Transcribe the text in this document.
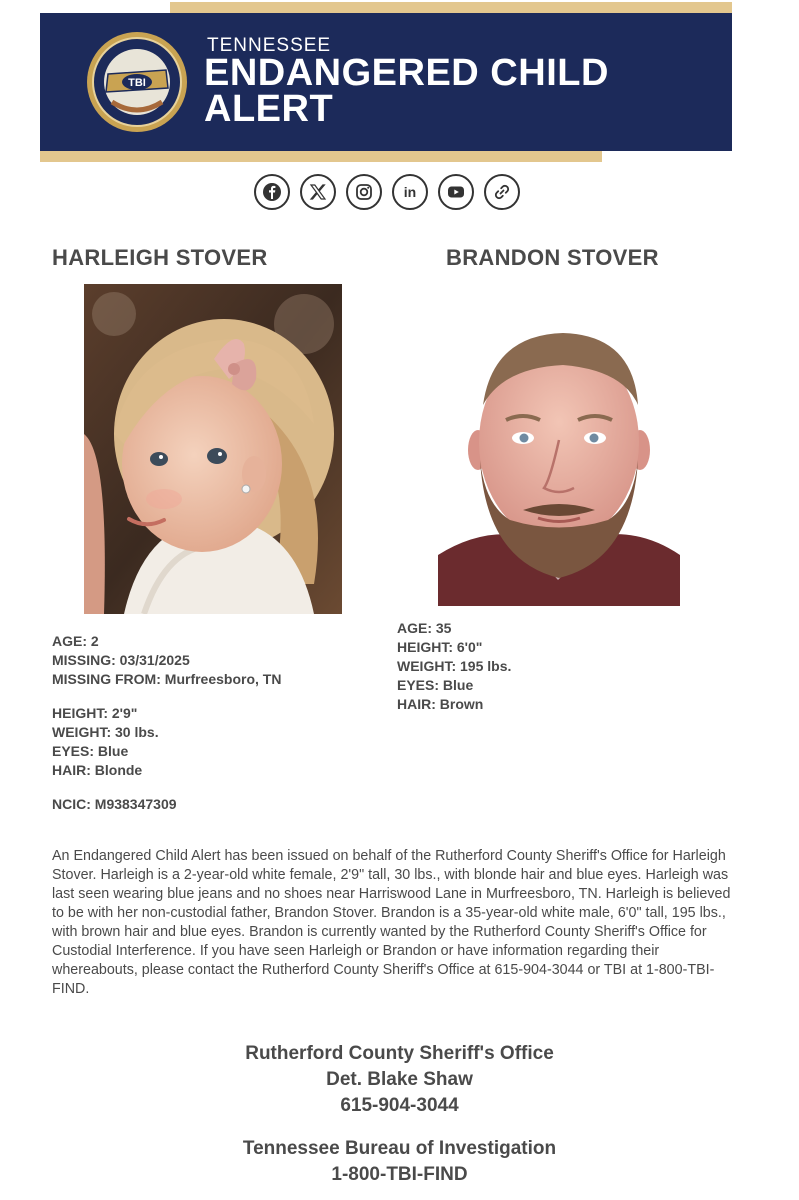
TBI
TENNESSEE
ENDANGERED CHILD
ALERT
in
HARLEIGH STOVER	BRANDON STOVER
AGE: 2
MISSING: 03/31/2025
MISSING FROM: Murfreesboro, TN
HEIGHT: 2'9"
WEIGHT: 30 lbs.
EYES: Blue
HAIR: Blonde
NCIC: M938347309
AGE: 35
HEIGHT: 6'0"
WEIGHT: 195 lbs.
EYES: Blue
HAIR: Brown
An Endangered Child Alert has been issued on behalf of the Rutherford County Sheriff's Office for Harleigh Stover. Harleigh is a 2-year-old white female, 2'9" tall, 30 lbs., with blonde hair and blue eyes. Harleigh was last seen wearing blue jeans and no shoes near Harriswood Lane in Murfreesboro, TN. Harleigh is believed to be with her non-custodial father, Brandon Stover. Brandon is a 35-year-old white male, 6'0" tall, 195 lbs., with brown hair and blue eyes. Brandon is currently wanted by the Rutherford County Sheriff's Office for Custodial Interference. If you have seen Harleigh or Brandon or have information regarding their whereabouts, please contact the Rutherford County Sheriff's Office at 615-904-3044 or TBI at 1-800-TBI-FIND.
Rutherford County Sheriff's Office
Det. Blake Shaw
615-904-3044
Tennessee Bureau of Investigation
1-800-TBI-FIND
